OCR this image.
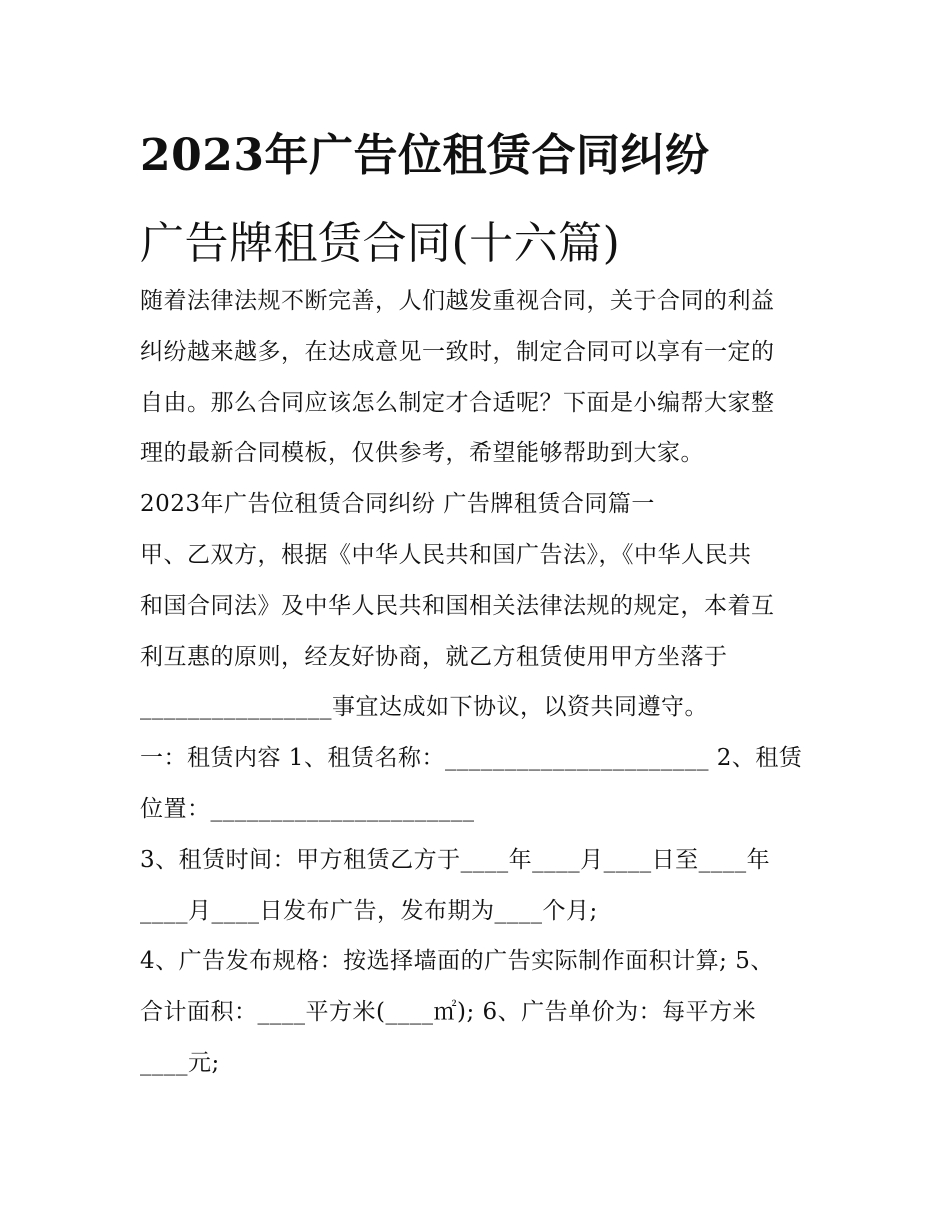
2023年广告位租赁合同纠纷
广告牌租赁合同(十六篇)
随着法律法规不断完善，人们越发重视合同，关于合同的利益
纠纷越来越多，在达成意见一致时，制定合同可以享有一定的
自由。那么合同应该怎么制定才合适呢？下面是小编帮大家整
理的最新合同模板，仅供参考，希望能够帮助到大家。
2023年广告位租赁合同纠纷 广告牌租赁合同篇一
甲、乙双方，根据《中华人民共和国广告法》，《中华人民共
和国合同法》及中华人民共和国相关法律法规的规定，本着互
利互惠的原则，经友好协商，就乙方租赁使用甲方坐落于
________________事宜达成如下协议，以资共同遵守。
一：租赁内容 1、租赁名称：______________________ 2、租赁
位置：______________________
3、租赁时间：甲方租赁乙方于____年____月____日至____年
____月____日发布广告，发布期为____个月;
4、广告发布规格：按选择墙面的广告实际制作面积计算; 5、
合计面积：____平方米(____㎡); 6、广告单价为：每平方米
____元;
